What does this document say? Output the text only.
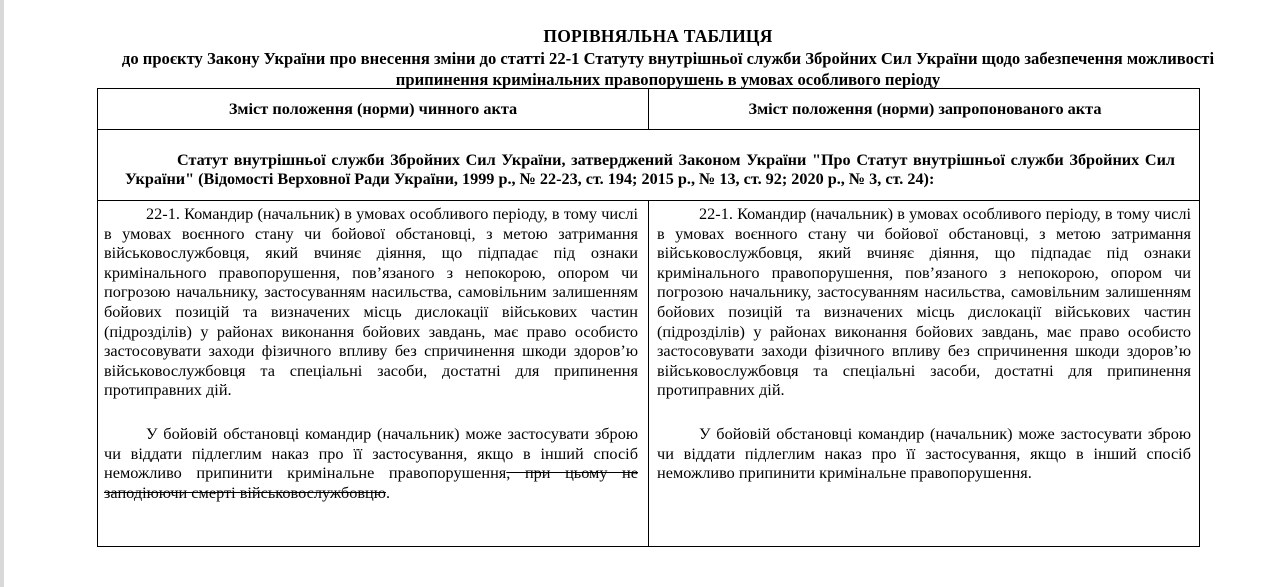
ПОРІВНЯЛЬНА ТАБЛИЦЯ
до проєкту Закону України про внесення зміни до статті 22-1 Статуту внутрішньої служби Збройних Сил України щодо забезпечення можливості припинення кримінальних правопорушень в умовах особливого періоду
Зміст положення (норми) чинного акта	Зміст положення (норми) запропонованого акта
Статут внутрішньої служби Збройних Сил України, затверджений Законом України "Про Статут внутрішньої служби Збройних Сил України" (Відомості Верховної Ради України, 1999 р., № 22-23, ст. 194; 2015 р., № 13, ст. 92; 2020 р., № 3, ст. 24):

22-1. Командир (начальник) в умовах особливого періоду, в тому числі в умовах воєнного стану чи бойової обстановці, з метою затримання військовослужбовця, який вчиняє діяння, що підпадає під ознаки кримінального правопорушення, пов’язаного з непокорою, опором чи погрозою начальнику, застосуванням насильства, самовільним залишенням бойових позицій та визначених місць дислокації військових частин (підрозділів) у районах виконання бойових завдань, має право особисто застосовувати заходи фізичного впливу без спричинення шкоди здоров’ю військовослужбовця та спеціальні засоби, достатні для припинення протиправних дій.

У бойовій обстановці командир (начальник) може застосувати зброю чи віддати підлеглим наказ про її застосування, якщо в інший спосіб неможливо припинити кримінальне правопорушення, при цьому не заподіюючи смерті військовослужбовцю.

22-1. Командир (начальник) в умовах особливого періоду, в тому числі в умовах воєнного стану чи бойової обстановці, з метою затримання військовослужбовця, який вчиняє діяння, що підпадає під ознаки кримінального правопорушення, пов’язаного з непокорою, опором чи погрозою начальнику, застосуванням насильства, самовільним залишенням бойових позицій та визначених місць дислокації військових частин (підрозділів) у районах виконання бойових завдань, має право особисто застосовувати заходи фізичного впливу без спричинення шкоди здоров’ю військовослужбовця та спеціальні засоби, достатні для припинення протиправних дій.

У бойовій обстановці командир (начальник) може застосувати зброю чи віддати підлеглим наказ про її застосування, якщо в інший спосіб неможливо припинити кримінальне правопорушення.
